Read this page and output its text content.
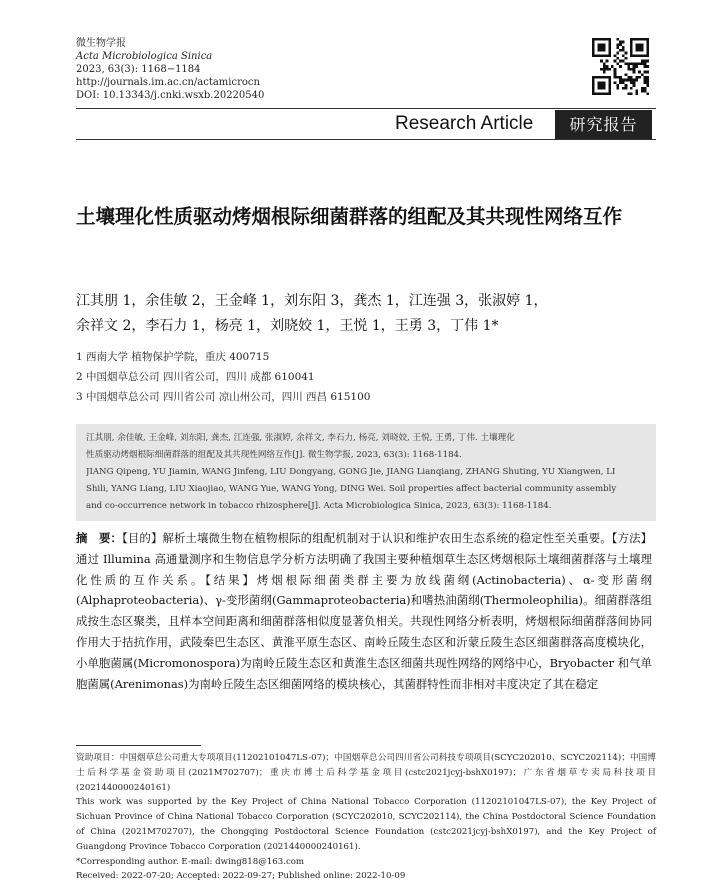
微生物学报
Acta Microbiologica Sinica
2023, 63(3): 1168−1184
http://journals.im.ac.cn/actamicrocn
DOI: 10.13343/j.cnki.wsxb.20220540
Research Article	研究报告
土壤理化性质驱动烤烟根际细菌群落的组配及其共现性网络互作
江其朋 1，余佳敏 2，王金峰 1，刘东阳 3，龚杰 1，江连强 3，张淑婷 1，
余祥文 2，李石力 1，杨亮 1，刘晓姣 1，王悦 1，王勇 3，丁伟 1*
1 西南大学 植物保护学院，重庆 400715
2 中国烟草总公司 四川省公司，四川 成都 610041
3 中国烟草总公司 四川省公司 凉山州公司，四川 西昌 615100
江其朋, 余佳敏, 王金峰, 刘东阳, 龚杰, 江连强, 张淑婷, 余祥文, 李石力, 杨亮, 刘晓姣, 王悦, 王勇, 丁伟. 土壤理化
性质驱动烤烟根际细菌群落的组配及其共现性网络互作[J]. 微生物学报, 2023, 63(3): 1168-1184.
JIANG Qipeng, YU Jiamin, WANG Jinfeng, LIU Dongyang, GONG Jie, JIANG Lianqiang, ZHANG Shuting, YU Xiangwen, LI
Shili, YANG Liang, LIU Xiaojiao, WANG Yue, WANG Yong, DING Wei. Soil properties affect bacterial community assembly
and co-occurrence network in tobacco rhizosphere[J]. Acta Microbiologica Sinica, 2023, 63(3): 1168-1184.
摘　要：【目的】解析土壤微生物在植物根际的组配机制对于认识和维护农田生态系统的稳定性至关重要。【方法】通过 Illumina 高通量测序和生物信息学分析方法明确了我国主要种植烟草生态区烤烟根际土壤细菌群落与土壤理化性质的互作关系。【结果】烤烟根际细菌类群主要为放线菌纲(Actinobacteria)、α-变形菌纲(Alphaproteobacteria)、γ-变形菌纲(Gammaproteobacteria)和嗜热油菌纲(Thermoleophilia)。细菌群落组成按生态区聚类，且样本空间距离和细菌群落相似度显著负相关。共现性网络分析表明，烤烟根际细菌群落间协同作用大于拮抗作用，武陵秦巴生态区、黄淮平原生态区、南岭丘陵生态区和沂蒙丘陵生态区细菌群落高度模块化，小单胞菌属(Micromonospora)为南岭丘陵生态区和黄淮生态区细菌共现性网络的网络中心，Bryobacter 和气单胞菌属(Arenimonas)为南岭丘陵生态区细菌网络的模块核心，其菌群特性而非相对丰度决定了其在稳定

资助项目：中国烟草总公司重大专项项目(11202101047LS-07)；中国烟草总公司四川省公司科技专项项目(SCYC202010、SCYC202114)；中国博士后科学基金资助项目(2021M702707)；重庆市博士后科学基金项目(cstc2021jcyj-bshX0197)；广东省烟草专卖局科技项目(2021440000240161)

This work was supported by the Key Project of China National Tobacco Corporation (11202101047LS-07), the Key Project of Sichuan Province of China National Tobacco Corporation (SCYC202010, SCYC202114), the China Postdoctoral Science Foundation of China (2021M702707), the Chongqing Postdoctoral Science Foundation (cstc2021jcyj-bshX0197), and the Key Project of Guangdong Province Tobacco Corporation (2021440000240161).

*Corresponding author. E-mail: dwing818@163.com

Received: 2022-07-20; Accepted: 2022-09-27; Published online: 2022-10-09
